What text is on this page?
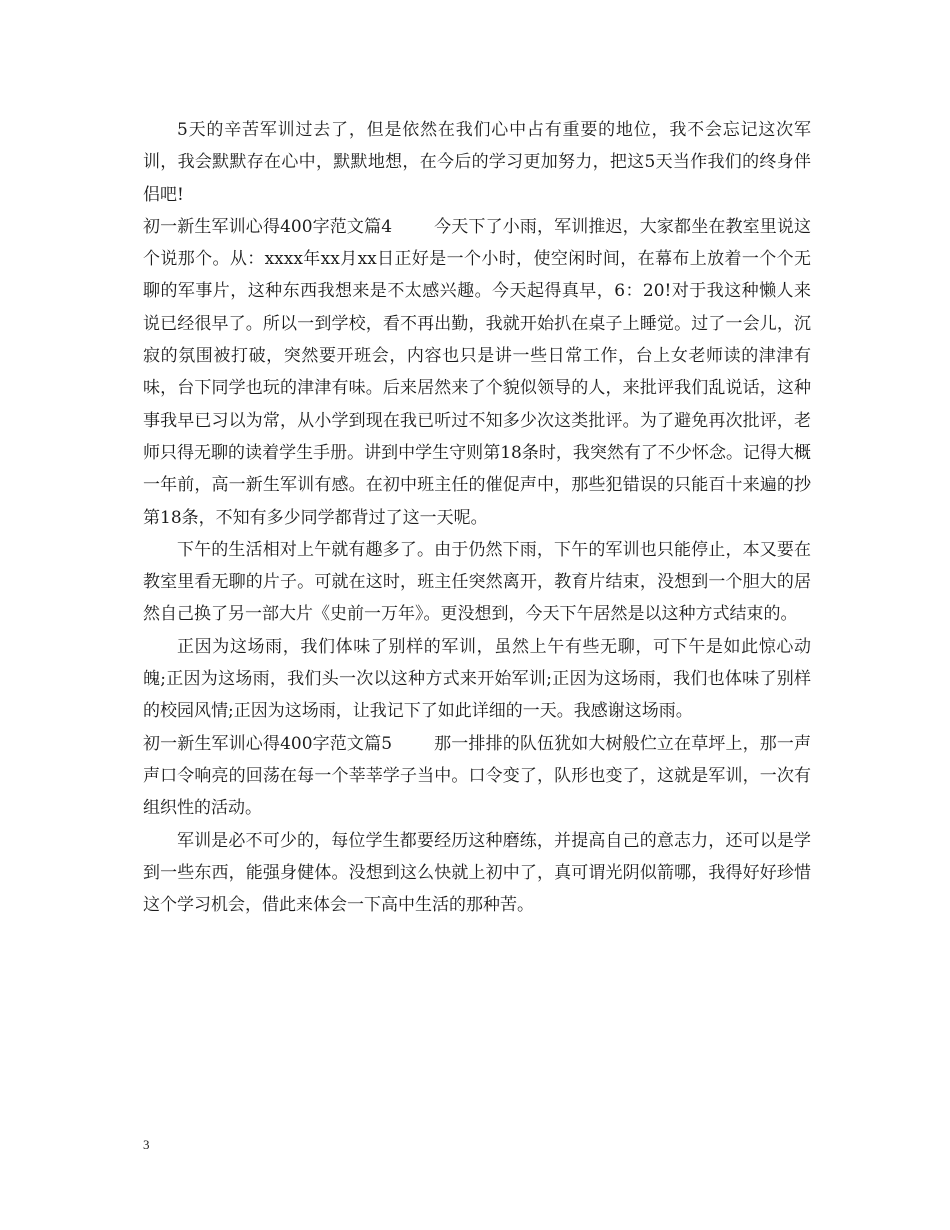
5天的辛苦军训过去了，但是依然在我们心中占有重要的地位，我不会忘记这次军训，我会默默存在心中，默默地想，在今后的学习更加努力，把这5天当作我们的终身伴侣吧!

初一新生军训心得400字范文篇4 今天下了小雨，军训推迟，大家都坐在教室里说这个说那个。从：xxxx年xx月xx日正好是一个小时，使空闲时间，在幕布上放着一个个无聊的军事片，这种东西我想来是不太感兴趣。今天起得真早，6：20!对于我这种懒人来说已经很早了。所以一到学校，看不再出勤，我就开始扒在桌子上睡觉。过了一会儿，沉寂的氛围被打破，突然要开班会，内容也只是讲一些日常工作，台上女老师读的津津有味，台下同学也玩的津津有味。后来居然来了个貌似领导的人，来批评我们乱说话，这种事我早已习以为常，从小学到现在我已听过不知多少次这类批评。为了避免再次批评，老师只得无聊的读着学生手册。讲到中学生守则第18条时，我突然有了不少怀念。记得大概一年前，高一新生军训有感。在初中班主任的催促声中，那些犯错误的只能百十来遍的抄第18条，不知有多少同学都背过了这一天呢。

下午的生活相对上午就有趣多了。由于仍然下雨，下午的军训也只能停止，本又要在教室里看无聊的片子。可就在这时，班主任突然离开，教育片结束，没想到一个胆大的居然自己换了另一部大片《史前一万年》。更没想到，今天下午居然是以这种方式结束的。

正因为这场雨，我们体味了别样的军训，虽然上午有些无聊，可下午是如此惊心动魄;正因为这场雨，我们头一次以这种方式来开始军训;正因为这场雨，我们也体味了别样的校园风情;正因为这场雨，让我记下了如此详细的一天。我感谢这场雨。

初一新生军训心得400字范文篇5 那一排排的队伍犹如大树般伫立在草坪上，那一声声口令响亮的回荡在每一个莘莘学子当中。口令变了，队形也变了，这就是军训，一次有组织性的活动。

军训是必不可少的，每位学生都要经历这种磨练，并提高自己的意志力，还可以是学到一些东西，能强身健体。没想到这么快就上初中了，真可谓光阴似箭哪，我得好好珍惜这个学习机会，借此来体会一下高中生活的那种苦。

3
